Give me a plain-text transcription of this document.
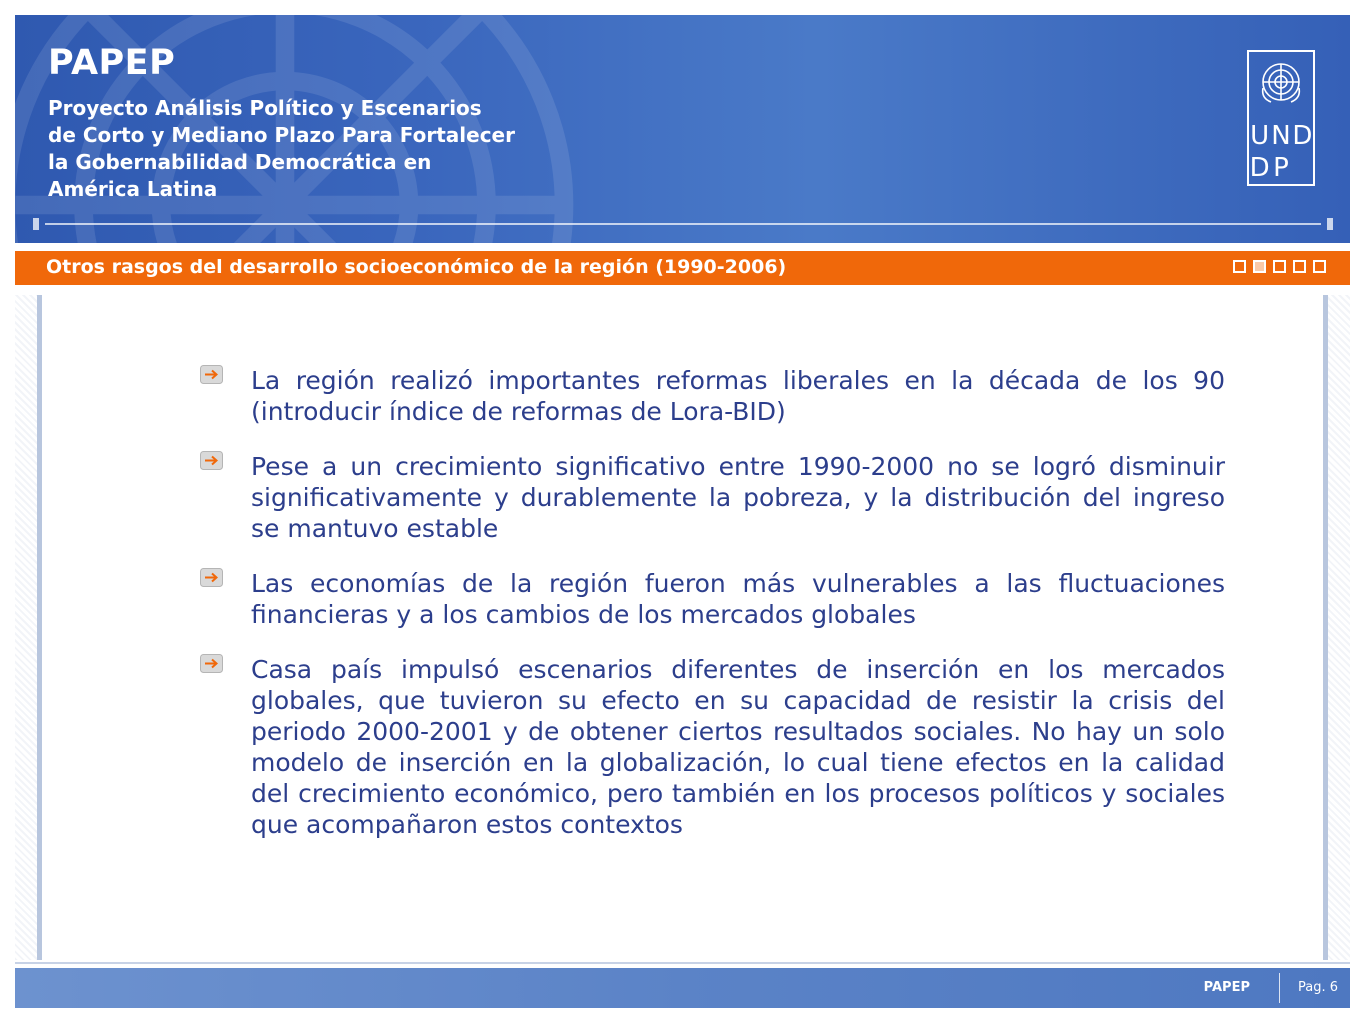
PAPEP
Proyecto Análisis Político y Escenarios
de Corto y Mediano Plazo Para Fortalecer
la Gobernabilidad Democrática en
América Latina
U N D
D P
Otros rasgos del desarrollo socioeconómico de la región (1990-2006)
La región realizó importantes reformas liberales en la década de los 90 (introducir índice de reformas de Lora-BID)
Pese a un crecimiento significativo entre 1990-2000 no se logró disminuir significativamente y durablemente la pobreza, y la distribución del ingreso se mantuvo estable
Las economías de la región fueron más vulnerables a las fluctuaciones financieras y a los cambios de los mercados globales
Casa país impulsó escenarios diferentes de inserción en los mercados globales, que tuvieron su efecto en su capacidad de resistir la crisis del periodo 2000-2001 y de obtener ciertos resultados sociales. No hay un solo modelo de inserción en la globalización, lo cual tiene efectos en la calidad del crecimiento económico, pero también en los procesos políticos y sociales que acompañaron estos contextos
PAPEP	Pag. 6
